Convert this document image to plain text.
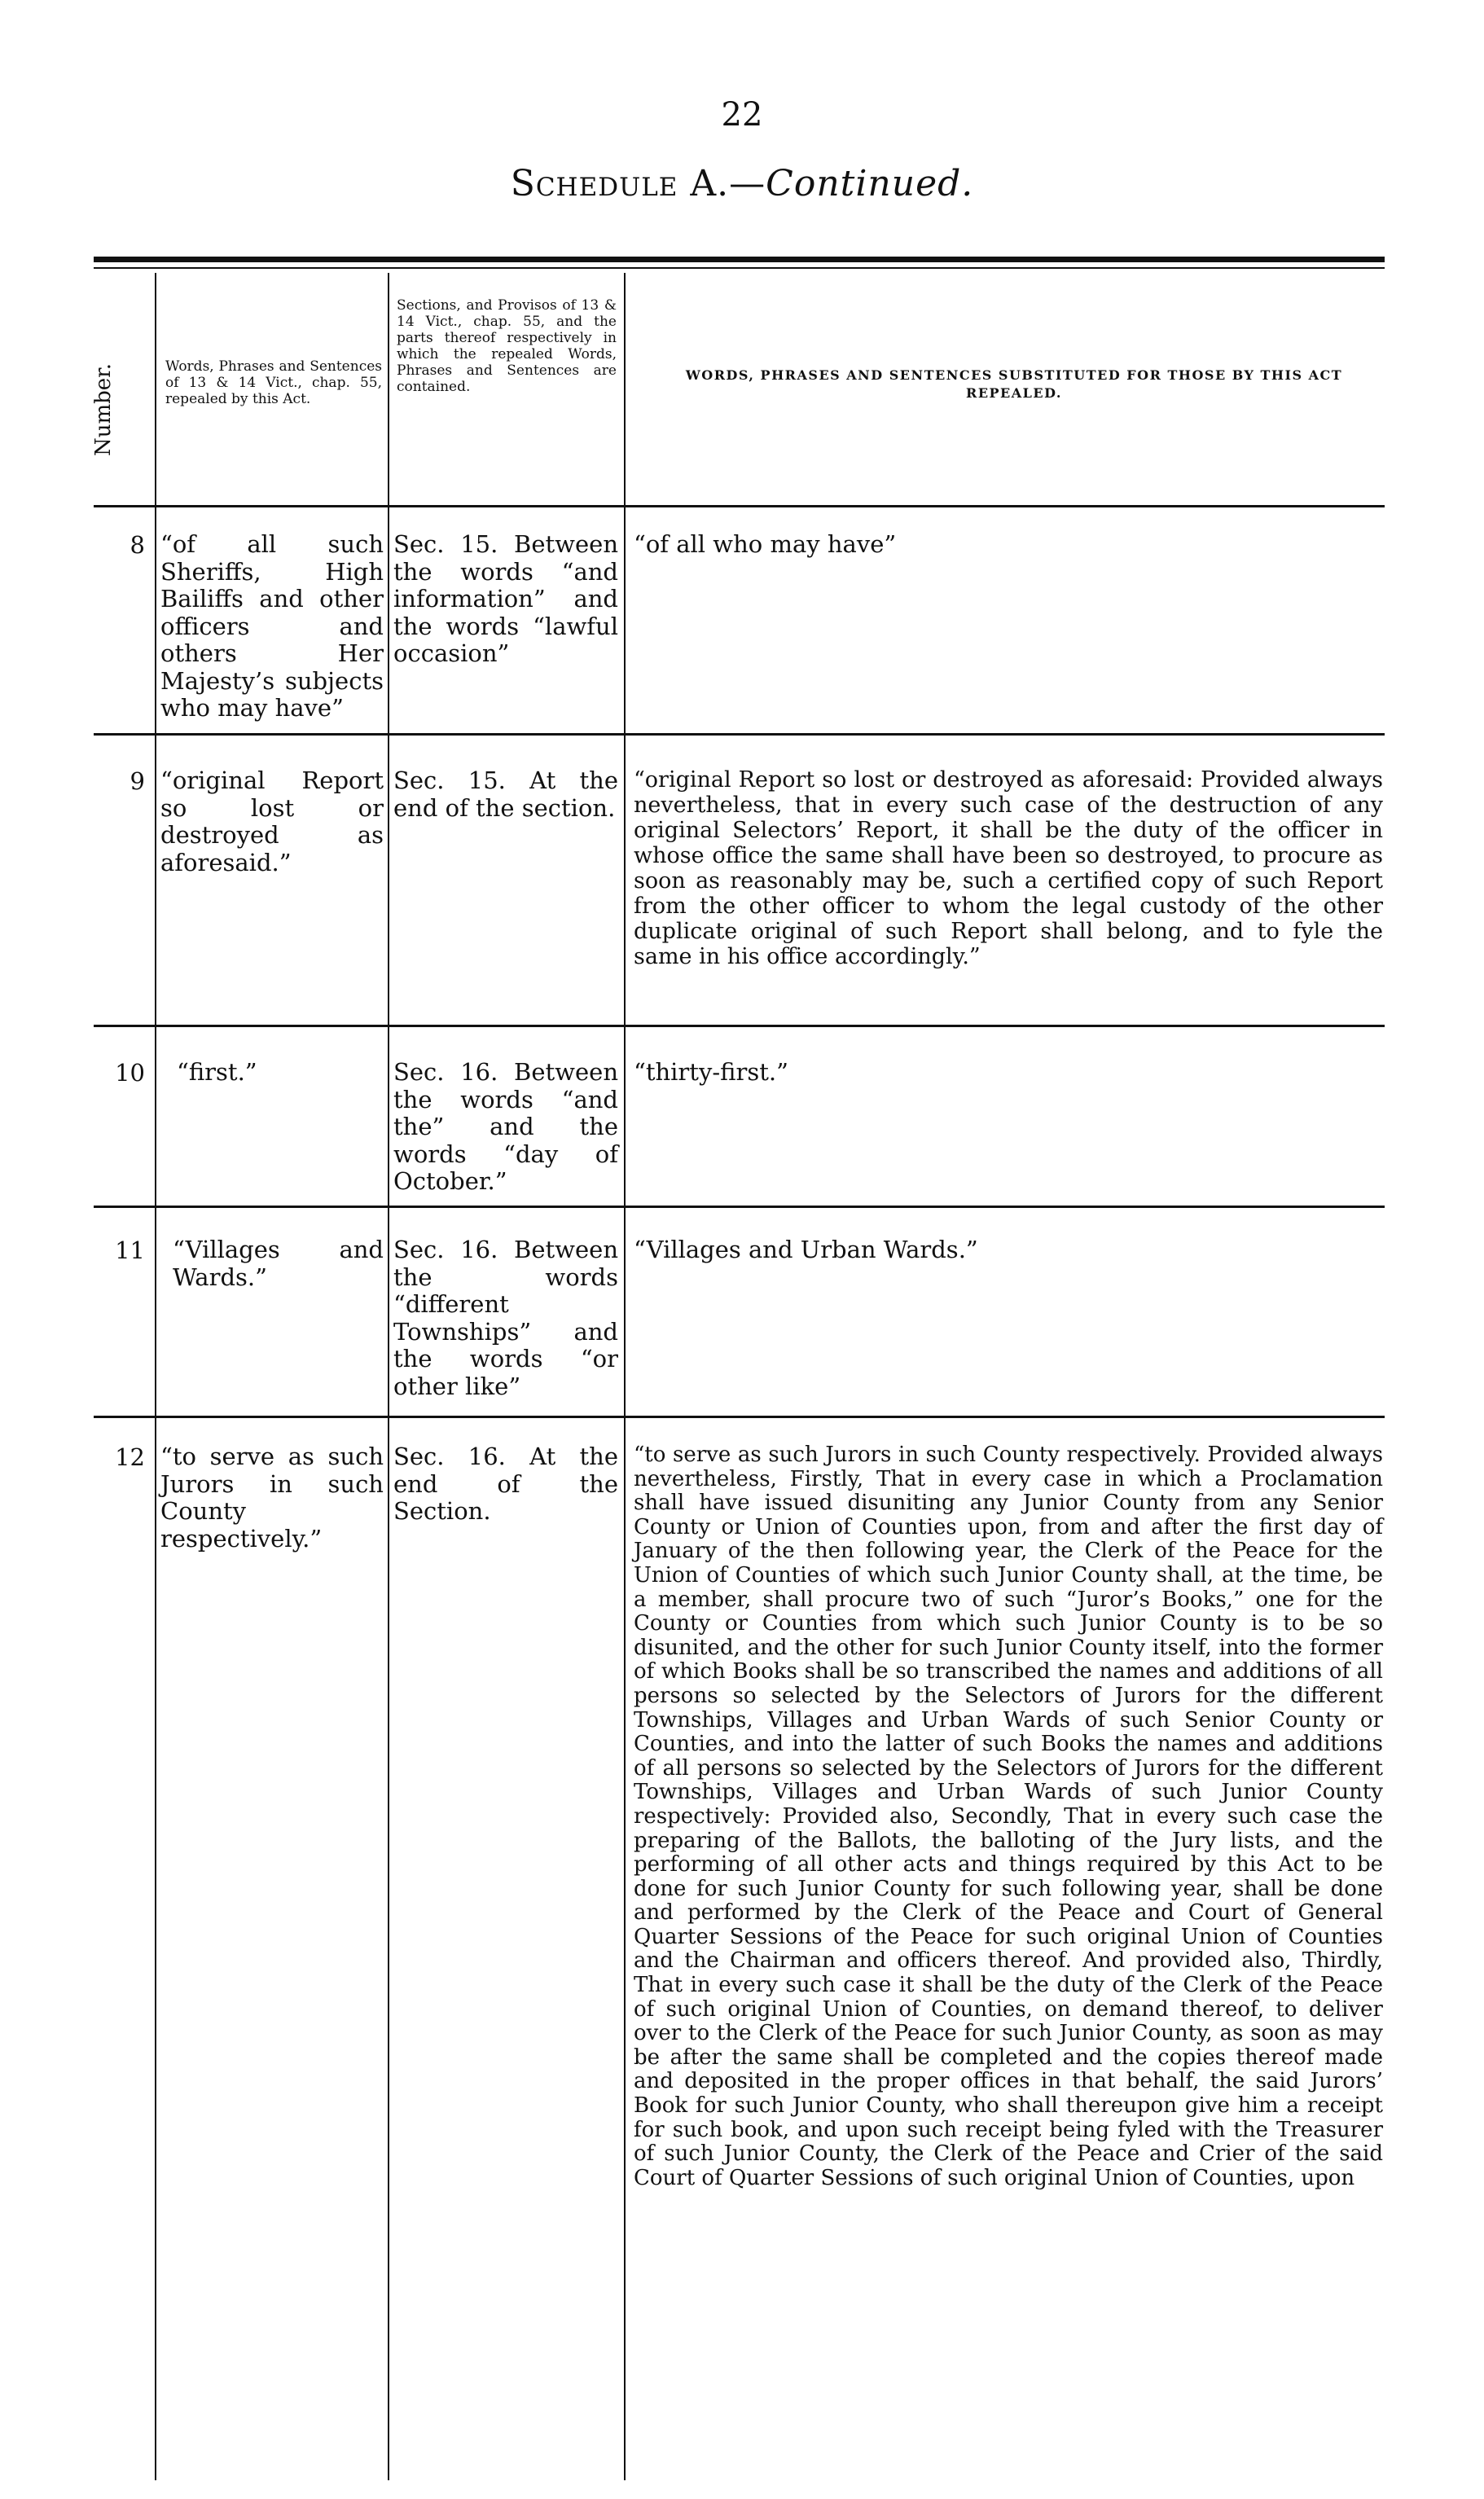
22
Schedule A.—Continued.
Number.	Words, Phrases and Sentences of 13 & 14 Vict., chap. 55, repealed by this Act.
Sections, and Provisos of 13 & 14 Vict., chap. 55, and the parts thereof respectively in which the repealed Words, Phrases and Sentences are contained.
WORDS, PHRASES AND SENTENCES SUBSTITUTED FOR THOSE BY THIS ACT REPEALED.
8 “of all such Sheriffs, High Bailiffs and other officers and others Her Majesty’s subjects who may have”
Sec. 15. Between the words “and information” and the words “lawful occasion”
“of all who may have”
9 “original Report so lost or destroyed as aforesaid.”
Sec. 15. At the end of the section.
“original Report so lost or destroyed as aforesaid: Provided always nevertheless, that in every such case of the destruction of any original Selectors’ Report, it shall be the duty of the officer in whose office the same shall have been so destroyed, to procure as soon as reasonably may be, such a certified copy of such Report from the other officer to whom the legal custody of the other duplicate original of such Report shall belong, and to fyle the same in his office accordingly.”
10 “first.”	Sec. 16. Between the words “and the” and the words “day of October.”
“thirty-first.”
11 “Villages and Wards.”
Sec. 16. Between the words “different Townships” and the words “or other like”
“Villages and Urban Wards.”
12 “to serve as such Jurors in such County respectively.”
Sec. 16. At the end of the Section.
“to serve as such Jurors in such County respectively. Provided always nevertheless, Firstly, That in every case in which a Proclamation shall have issued disuniting any Junior County from any Senior County or Union of Counties upon, from and after the first day of January of the then following year, the Clerk of the Peace for the Union of Counties of which such Junior County shall, at the time, be a member, shall procure two of such “Juror’s Books,” one for the County or Counties from which such Junior County is to be so disunited, and the other for such Junior County itself, into the former of which Books shall be so transcribed the names and additions of all persons so selected by the Selectors of Jurors for the different Townships, Villages and Urban Wards of such Senior County or Counties, and into the latter of such Books the names and additions of all persons so selected by the Selectors of Jurors for the different Townships, Villages and Urban Wards of such Junior County respectively: Provided also, Secondly, That in every such case the preparing of the Ballots, the balloting of the Jury lists, and the performing of all other acts and things required by this Act to be done for such Junior County for such following year, shall be done and performed by the Clerk of the Peace and Court of General Quarter Sessions of the Peace for such original Union of Counties and the Chairman and officers thereof. And provided also, Thirdly, That in every such case it shall be the duty of the Clerk of the Peace of such original Union of Counties, on demand thereof, to deliver over to the Clerk of the Peace for such Junior County, as soon as may be after the same shall be completed and the copies thereof made and deposited in the proper offices in that behalf, the said Jurors’ Book for such Junior County, who shall thereupon give him a receipt for such book, and upon such receipt being fyled with the Treasurer of such Junior County, the Clerk of the Peace and Crier of the said Court of Quarter Sessions of such original Union of Counties, upon
